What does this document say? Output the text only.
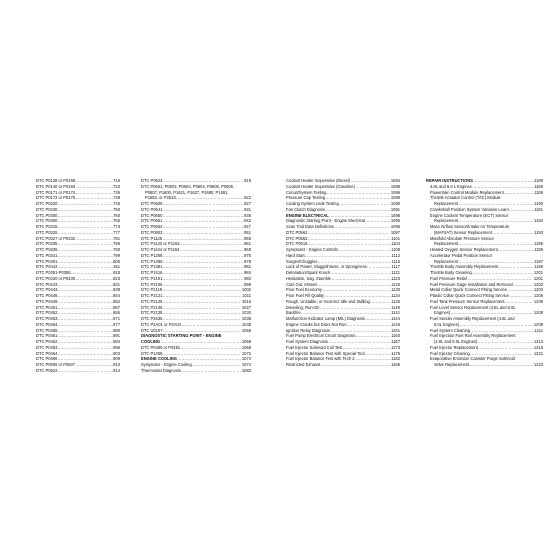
DTC P0138 or P0158 .....	715
DTC P0140 or P0160 .....	723
DTC P0171 or P0174 .....	726
DTC P0172 or P0175 .....	738
DTC P0220 .....	745
DTC P0230 .....	750
DTC P0300 .....	760
DTC P0300 .....	765
DTC P0315 .....	773
DTC P0325 .....	777
DTC P0327 or P0332 .....	781
DTC P0335 .....	786
DTC P0336 .....	793
DTC P0341 .....	799
DTC P0401 .....	805
DTC P0442 .....	811
DTC P0351-P0358 .....	818
DTC P0420 or P0430 .....	823
DTC P0443 .....	831
DTC P0443 .....	838
DTC P0446 .....	844
DTC P0449 .....	852
DTC P0451 .....	857
DTC P0452 .....	866
DTC P0453 .....	871
DTC P0454 .....	877
DTC P0455 .....	880
DTC P0461 .....	891
DTC P0462 .....	894
DTC P0463 .....	896
DTC P0464 .....	903
DTC P0496 .....	909
DTC P0506 or P0507 .....	910
DTC P0522 .....	914
DTC P0523 .....	918
DTC P0601, P0602, P0603, P0604, P0605, P0606,
P0607, P1600, P1621, P1627, P1680, P1681,
P1683, or P2610 .....	922
DTC P0608 .....	927
DTC P0641 .....	931
DTC P0650 .....	936
DTC P0651 .....	942
DTC P0654 .....	947
DTC P0902 .....	951
DTC P1125 .....	956
DTC P1133 or P1153 .....	961
DTC P1134 or P1154 .....	968
DTC P1258 .....	975
DTC P1380 .....	978
DTC P1381 .....	981
DTC P1516 .....	984
DTC P2101 .....	992
DTC P2106 .....	998
DTC P2119 .....	1002
DTC P2121 .....	1011
DTC P2125 .....	1016
DTC P2135 .....	1027
DTC P2138 .....	1034
DTC P2636 .....	1038
DTC P2A01 or P2A04 .....	1048
DTC U0107 .....	1056
DIAGNOSTIC STARTING POINT - ENGINE
COOLING .....	1068
DTC P0480 or P0481 .....	1068
DTC P1258 .....	1072
ENGINE COOLING .....	1074
Symptoms - Engine Cooling .....	1074
Thermostat Diagnosis .....	1083
Coolant Heater Inoperative (Diesel) .....	1084
Coolant Heater Inoperative (Gasoline) .....	1085
Circuit/System Testing .....	1086
Pressure Cap Testing .....	1089
Cooling System Leak Testing .....	1090
Fan Clutch Diagnosis .....	1091
ENGINE ELECTRICAL .....	1095
Diagnostic Starting Point - Engine Electrical .....	1095
Scan Tool Data Definitions .....	1096
DTC P0562 .....	1097
DTC P0563 .....	1101
DTC P0615 .....	1104
Symptoms - Engine Controls .....	1108
Hard Start .....	1112
Surges/Chuggles .....	1116
Lack of Power, Sluggishness, or Sponginess .....	1117
Detonation/Spark Knock .....	1121
Hesitation, Sag, Stumble .....	1123
Cuts Out, Misses .....	1126
Poor Fuel Economy .....	1130
Poor Fuel Fill Quality .....	1134
Rough, Unstable, or Incorrect Idle and Stalling .....	1136
Dieseling, Run-On .....	1140
Backfire .....	1141
Malfunction Indicator Lamp (MIL) Diagnosis .....	1144
Engine Cranks but Does Not Run .....	1146
Ignition Relay Diagnosis .....	1151
Fuel Pump Electrical Circuit Diagnosis .....	1160
Fuel System Diagnosis .....	1167
Fuel Injector Solenoid Coil Test .....	1173
Fuel Injector Balance Test with Special Tool .....	1176
Fuel Injector Balance Test with Tech 2 .....	1182
Restricted Exhaust .....	1186
REPAIR INSTRUCTIONS .....	1189
4.8L and 6.0 L Engines .....	1189
Powertrain Control Module Replacement .....	1189
Throttle Actuator Control (TAC) Module
Replacement .....	1190
Crankshaft Position System Variation Learn .....	1191
Engine Coolant Temperature (ECT) Sensor
Replacement .....	1192
Mass Airflow Sensor/Intake Air Temperature
(MAF/IAT) Sensor Replacement .....	1193
Manifold Absolute Pressure Sensor
Replacement .....	1195
Heated Oxygen Sensor Replacement .....	1196
Accelerator Pedal Position Sensor
Replacement .....	1197
Throttle Body Assembly Replacement .....	1199
Throttle Body Cleaning .....	1201
Fuel Pressure Relief .....	1201
Fuel Pressure Gage Installation and Removal .....	1202
Metal Collar Quick Connect Fitting Service .....	1203
Plastic Collar Quick Connect Fitting Service .....	1206
Fuel Tank Pressure Sensor Replacement .....	1208
Fuel Level Sensor Replacement (4.8L and 6.0L
Engines) .....	1208
Fuel Sender Assembly Replacement (4.8L and
6.0L Engines) .....	1209
Fuel System Cleaning .....	1211
Fuel Injection Fuel Rail Assembly Replacement
(4.8L and 6.0L Engines) .....	1213
Fuel Injector Replacement .....	1216
Fuel Injector Cleaning .....	1221
Evaporative Emission Canister Purge Solenoid
Valve Replacement .....	1223
